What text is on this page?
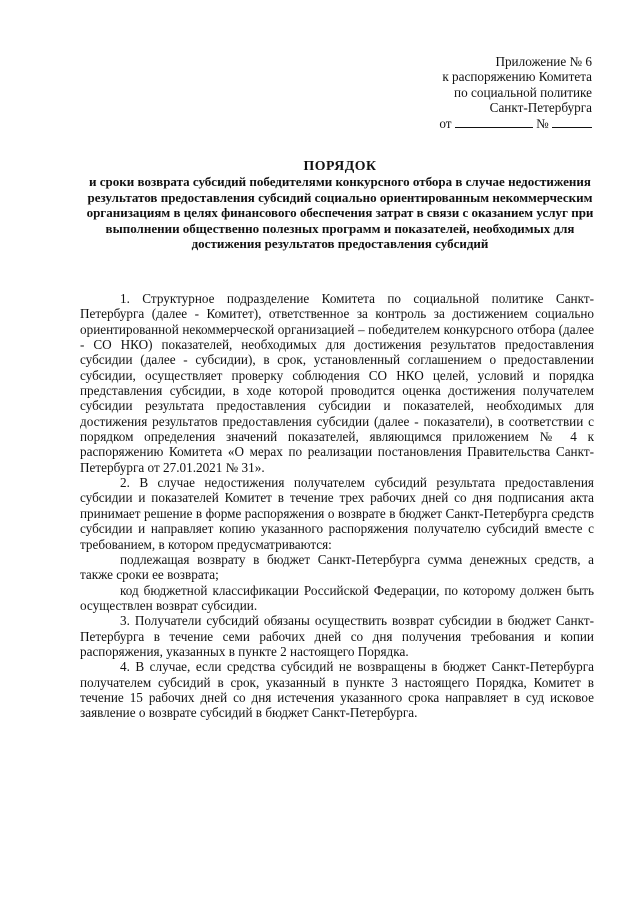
Приложение № 6
к распоряжению Комитета
по социальной политике
Санкт-Петербурга
от	№
ПОРЯДОК
и сроки возврата субсидий победителями конкурсного отбора в случае недостижения результатов предоставления субсидий социально ориентированным некоммерческим организациям в целях финансового обеспечения затрат в связи с оказанием услуг при выполнении общественно полезных программ и показателей, необходимых для достижения результатов предоставления субсидий

1. Структурное подразделение Комитета по социальной политике Санкт-Петербурга (далее - Комитет), ответственное за контроль за достижением социально ориентированной некоммерческой организацией – победителем конкурсного отбора (далее - СО НКО) показателей, необходимых для достижения результатов предоставления субсидии (далее - субсидии), в срок, установленный соглашением о предоставлении субсидии, осуществляет проверку соблюдения СО НКО целей, условий и порядка представления субсидии, в ходе которой проводится оценка достижения получателем субсидии результата предоставления субсидии и показателей, необходимых для достижения результатов предоставления субсидии (далее - показатели), в соответствии с порядком определения значений показателей, являющимся приложением № 4 к распоряжению Комитета «О мерах по реализации постановления Правительства Санкт-Петербурга от 27.01.2021 № 31».

2. В случае недостижения получателем субсидий результата предоставления субсидии и показателей Комитет в течение трех рабочих дней со дня подписания акта принимает решение в форме распоряжения о возврате в бюджет Санкт-Петербурга средств субсидии и направляет копию указанного распоряжения получателю субсидий вместе с требованием, в котором предусматриваются:

подлежащая возврату в бюджет Санкт-Петербурга сумма денежных средств, а также сроки ее возврата;

код бюджетной классификации Российской Федерации, по которому должен быть осуществлен возврат субсидии.

3. Получатели субсидий обязаны осуществить возврат субсидии в бюджет Санкт-Петербурга в течение семи рабочих дней со дня получения требования и копии распоряжения, указанных в пункте 2 настоящего Порядка.

4. В случае, если средства субсидий не возвращены в бюджет Санкт-Петербурга получателем субсидий в срок, указанный в пункте 3 настоящего Порядка, Комитет в течение 15 рабочих дней со дня истечения указанного срока направляет в суд исковое заявление о возврате субсидий в бюджет Санкт-Петербурга.
